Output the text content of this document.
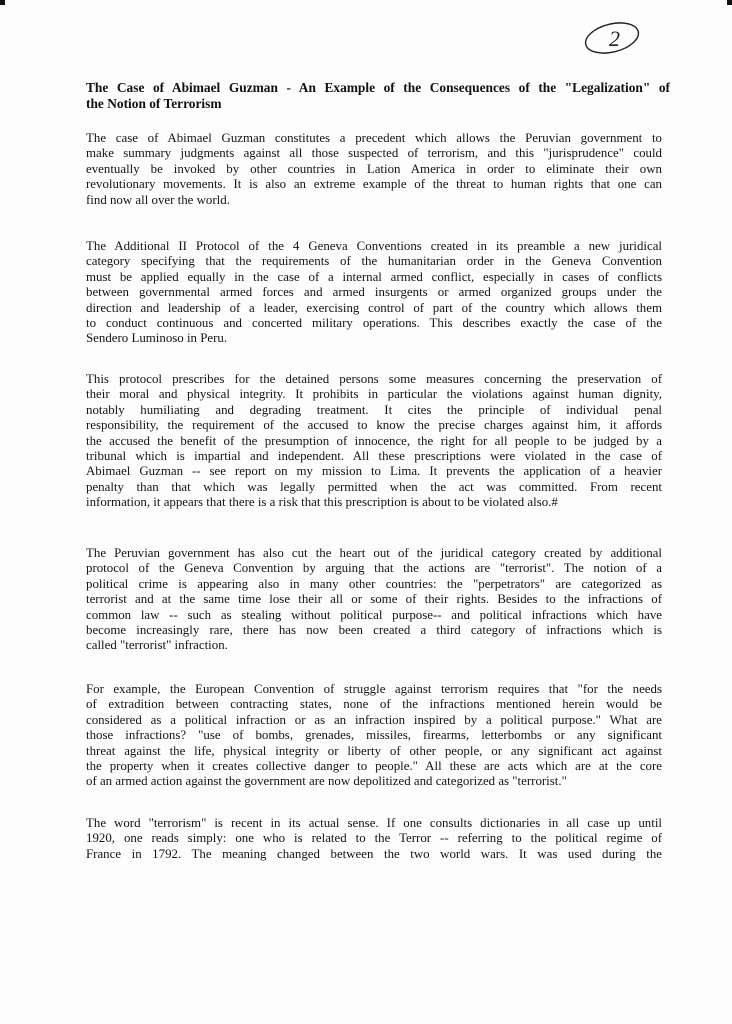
2
The Case of Abimael Guzman - An Example of the Consequences of the "Legalization" of
the Notion of Terrorism
The case of Abimael Guzman constitutes a precedent which allows the Peruvian government to
make summary judgments against all those suspected of terrorism, and this "jurisprudence" could
eventually be invoked by other countries in Lation America in order to eliminate their own
revolutionary movements. It is also an extreme example of the threat to human rights that one can
find now all over the world.
The Additional II Protocol of the 4 Geneva Conventions created in its preamble a new juridical
category specifying that the requirements of the humanitarian order in the Geneva Convention
must be applied equally in the case of a internal armed conflict, especially in cases of conflicts
between governmental armed forces and armed insurgents or armed organized groups under the
direction and leadership of a leader, exercising control of part of the country which allows them
to conduct continuous and concerted military operations. This describes exactly the case of the
Sendero Luminoso in Peru.
This protocol prescribes for the detained persons some measures concerning the preservation of
their moral and physical integrity. It prohibits in particular the violations against human dignity,
notably humiliating and degrading treatment. It cites the principle of individual penal
responsibility, the requirement of the accused to know the precise charges against him, it affords
the accused the benefit of the presumption of innocence, the right for all people to be judged by a
tribunal which is impartial and independent. All these prescriptions were violated in the case of
Abimael Guzman -- see report on my mission to Lima. It prevents the application of a heavier
penalty than that which was legally permitted when the act was committed. From recent
information, it appears that there is a risk that this prescription is about to be violated also.#
The Peruvian government has also cut the heart out of the juridical category created by additional
protocol of the Geneva Convention by arguing that the actions are "terrorist". The notion of a
political crime is appearing also in many other countries: the "perpetrators" are categorized as
terrorist and at the same time lose their all or some of their rights. Besides to the infractions of
common law -- such as stealing without political purpose-- and political infractions which have
become increasingly rare, there has now been created a third category of infractions which is
called "terrorist" infraction.
For example, the European Convention of struggle against terrorism requires that "for the needs
of extradition between contracting states, none of the infractions mentioned herein would be
considered as a political infraction or as an infraction inspired by a political purpose." What are
those infractions? "use of bombs, grenades, missiles, firearms, letterbombs or any significant
threat against the life, physical integrity or liberty of other people, or any significant act against
the property when it creates collective danger to people." All these are acts which are at the core
of an armed action against the government are now depolitized and categorized as "terrorist."
The word "terrorism" is recent in its actual sense. If one consults dictionaries in all case up until
1920, one reads simply: one who is related to the Terror -- referring to the political regime of
France in 1792. The meaning changed between the two world wars. It was used during the
